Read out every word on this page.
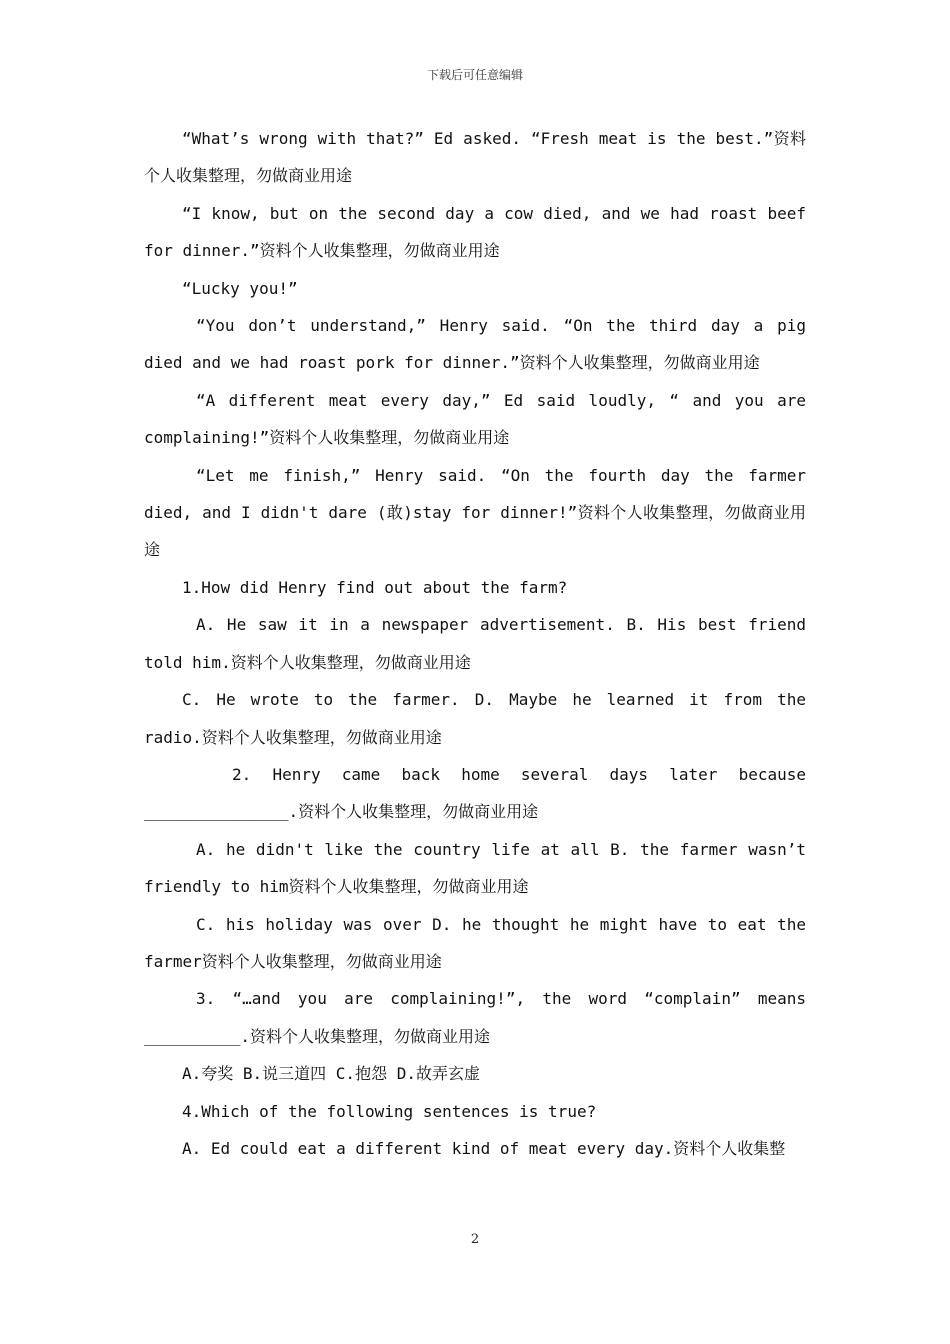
下载后可任意编辑

“What’s wrong with that?” Ed asked. “Fresh meat is the best.”资料个人收集整理，勿做商业用途

“I know, but on the second day a cow died, and we had roast beef for dinner.”资料个人收集整理，勿做商业用途

“Lucky you!”

“You don’t understand,” Henry said. “On the third day a pig died and we had roast pork for dinner.”资料个人收集整理，勿做商业用途

“A different meat every day,” Ed said loudly, “ and you are complaining!”资料个人收集整理，勿做商业用途

“Let me finish,” Henry said. “On the fourth day the farmer died, and I didn't dare (敢)stay for dinner!”资料个人收集整理，勿做商业用途

1.How did Henry find out about the farm?

A. He saw it in a newspaper advertisement. B. His best friend told him.资料个人收集整理，勿做商业用途

C. He wrote to the farmer. D. Maybe he learned it from the radio.资料个人收集整理，勿做商业用途

2. Henry came back home several days later because _______________.资料个人收集整理，勿做商业用途

A. he didn't like the country life at all B. the farmer wasn’t friendly to him资料个人收集整理，勿做商业用途

C. his holiday was over D. he thought he might have to eat the farmer资料个人收集整理，勿做商业用途

3. “…and you are complaining!”, the word “complain” means __________.资料个人收集整理，勿做商业用途

A.夸奖 B.说三道四 C.抱怨 D.故弄玄虚

4.Which of the following sentences is true?

A. Ed could eat a different kind of meat every day.资料个人收集整

2
